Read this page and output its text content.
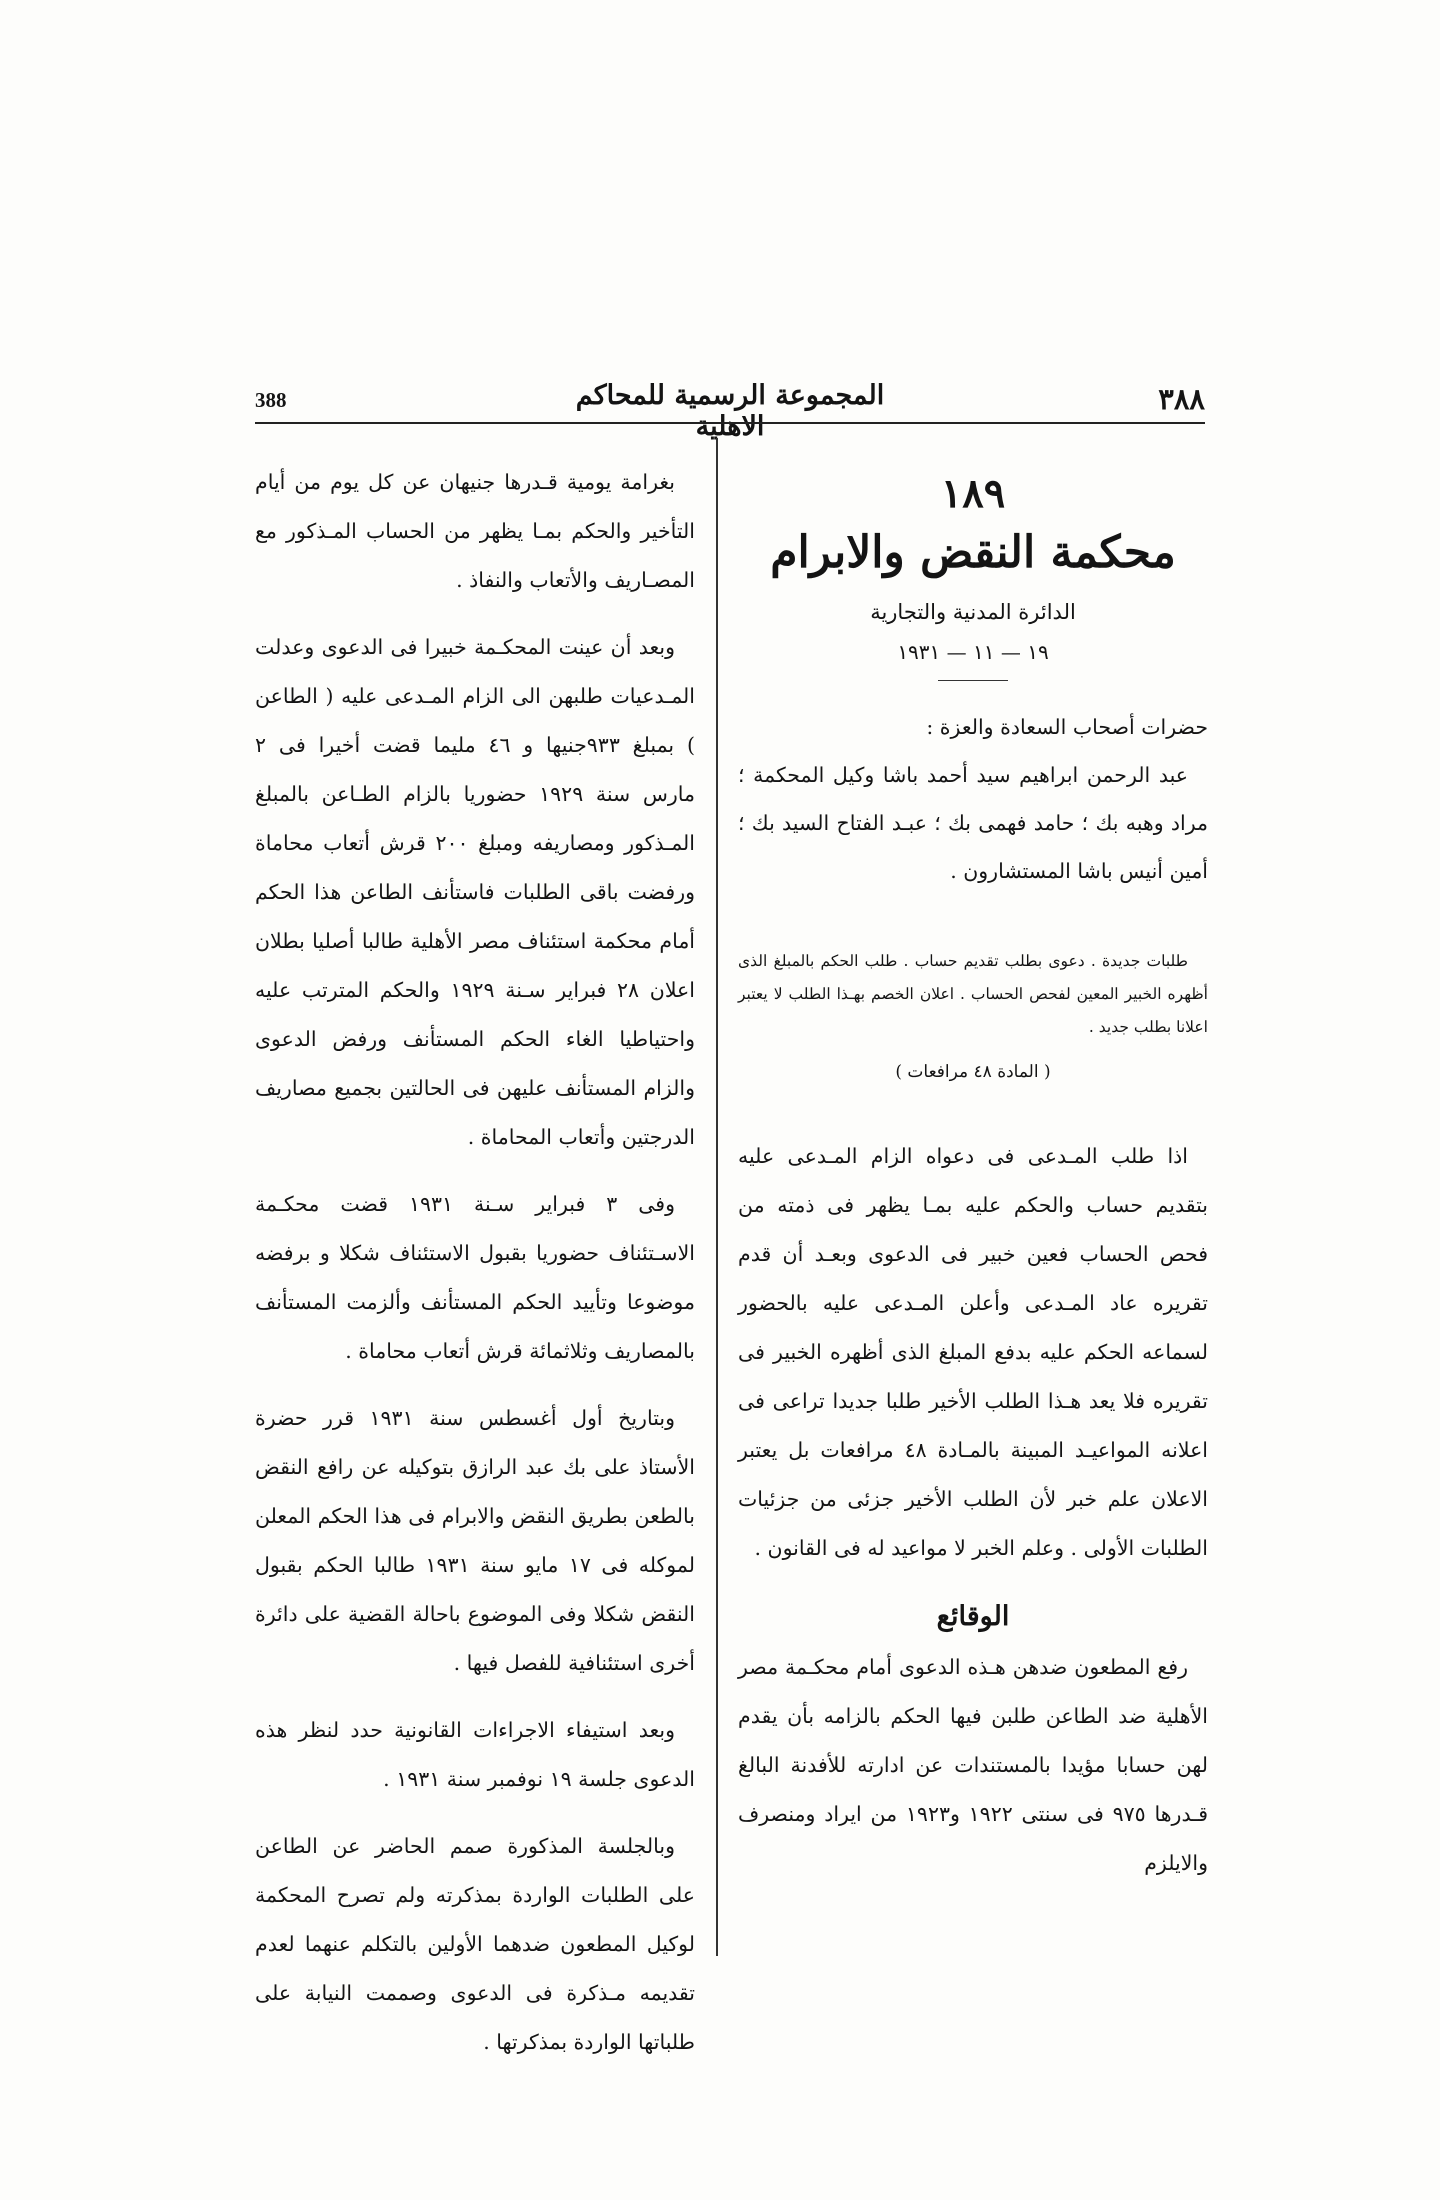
388	المجموعة الرسمية للمحاكم الاهلية
٣٨٨
١٨٩
محكمة النقض والابرام
الدائرة المدنية والتجارية
١٩ — ١١ — ١٩٣١
حضرات أصحاب السعادة والعزة :
عبد الرحمن ابراهيم سيد أحمد باشا وكيل المحكمة ؛ مراد وهبه بك ؛ حامد فهمى بك ؛ عبـد الفتاح السيد بك ؛ أمين أنيس باشا المستشارون .
طلبات جديدة . دعوى بطلب تقديم حساب . طلب الحكم بالمبلغ الذى أظهره الخبير المعين لفحص الحساب . اعلان الخصم بهـذا الطلب لا يعتبر اعلانا بطلب جديد .
( المادة ٤٨ مرافعات )
اذا طلب المـدعى فى دعواه الزام المـدعى عليه بتقديم حساب والحكم عليه بمـا يظهر فى ذمته من فحص الحساب فعين خبير فى الدعوى وبعـد أن قدم تقريره عاد المـدعى وأعلن المـدعى عليه بالحضور لسماعه الحكم عليه بدفع المبلغ الذى أظهره الخبير فى تقريره فلا يعد هـذا الطلب الأخير طلبا جديدا تراعى فى اعلانه المواعيـد المبينة بالمـادة ٤٨ مرافعات بل يعتبر الاعلان علم خبر لأن الطلب الأخير جزئى من جزئيات الطلبات الأولى . وعلم الخبر لا مواعيد له فى القانون .
الوقائع
رفع المطعون ضدهن هـذه الدعوى أمام محكـمة مصر الأهلية ضد الطاعن طلبن فيها الحكم بالزامه بأن يقدم لهن حسابا مؤيدا بالمستندات عن ادارته للأفدنة البالغ قـدرها ٩٧٥ فى سنتى ١٩٢٢ و١٩٢٣ من ايراد ومنصرف والايلزم

بغرامة يومية قـدرها جنيهان عن كل يوم من أيام التأخير والحكم بمـا يظهر من الحساب المـذكور مع المصـاريف والأتعاب والنفاذ .

وبعد أن عينت المحكـمة خبيرا فى الدعوى وعدلت المـدعيات طلبهن الى الزام المـدعى عليه ( الطاعن ) بمبلغ ٩٣٣جنيها و ٤٦ مليما قضت أخيرا فى ٢ مارس سنة ١٩٢٩ حضوريا بالزام الطـاعن بالمبلغ المـذكور ومصاريفه ومبلغ ٢٠٠ قرش أتعاب محاماة ورفضت باقى الطلبات فاستأنف الطاعن هذا الحكم أمام محكمة استئناف مصر الأهلية طالبا أصليا بطلان اعلان ٢٨ فبراير سـنة ١٩٢٩ والحكم المترتب عليه واحتياطيا الغاء الحكم المستأنف ورفض الدعوى والزام المستأنف عليهن فى الحالتين بجميع مصاريف الدرجتين وأتعاب المحاماة .

وفى ٣ فبراير سـنة ١٩٣١ قضت محكـمة الاسـتئناف حضوريا بقبول الاستئناف شكلا و برفضه موضوعا وتأييد الحكم المستأنف وألزمت المستأنف بالمصاريف وثلاثمائة قرش أتعاب محاماة .

وبتاريخ أول أغسطس سنة ١٩٣١ قرر حضرة الأستاذ على بك عبد الرازق بتوكيله عن رافع النقض بالطعن بطريق النقض والابرام فى هذا الحكم المعلن لموكله فى ١٧ مايو سنة ١٩٣١ طالبا الحكم بقبول النقض شكلا وفى الموضوع باحالة القضية على دائرة أخرى استئنافية للفصل فيها .

وبعد استيفاء الاجراءات القانونية حدد لنظر هذه الدعوى جلسة ١٩ نوفمبر سنة ١٩٣١ .

وبالجلسة المذكورة صمم الحاضر عن الطاعن على الطلبات الواردة بمذكرته ولم تصرح المحكمة لوكيل المطعون ضدهما الأولين بالتكلم عنهما لعدم تقديمه مـذكرة فى الدعوى وصممت النيابة على طلباتها الواردة بمذكرتها .
